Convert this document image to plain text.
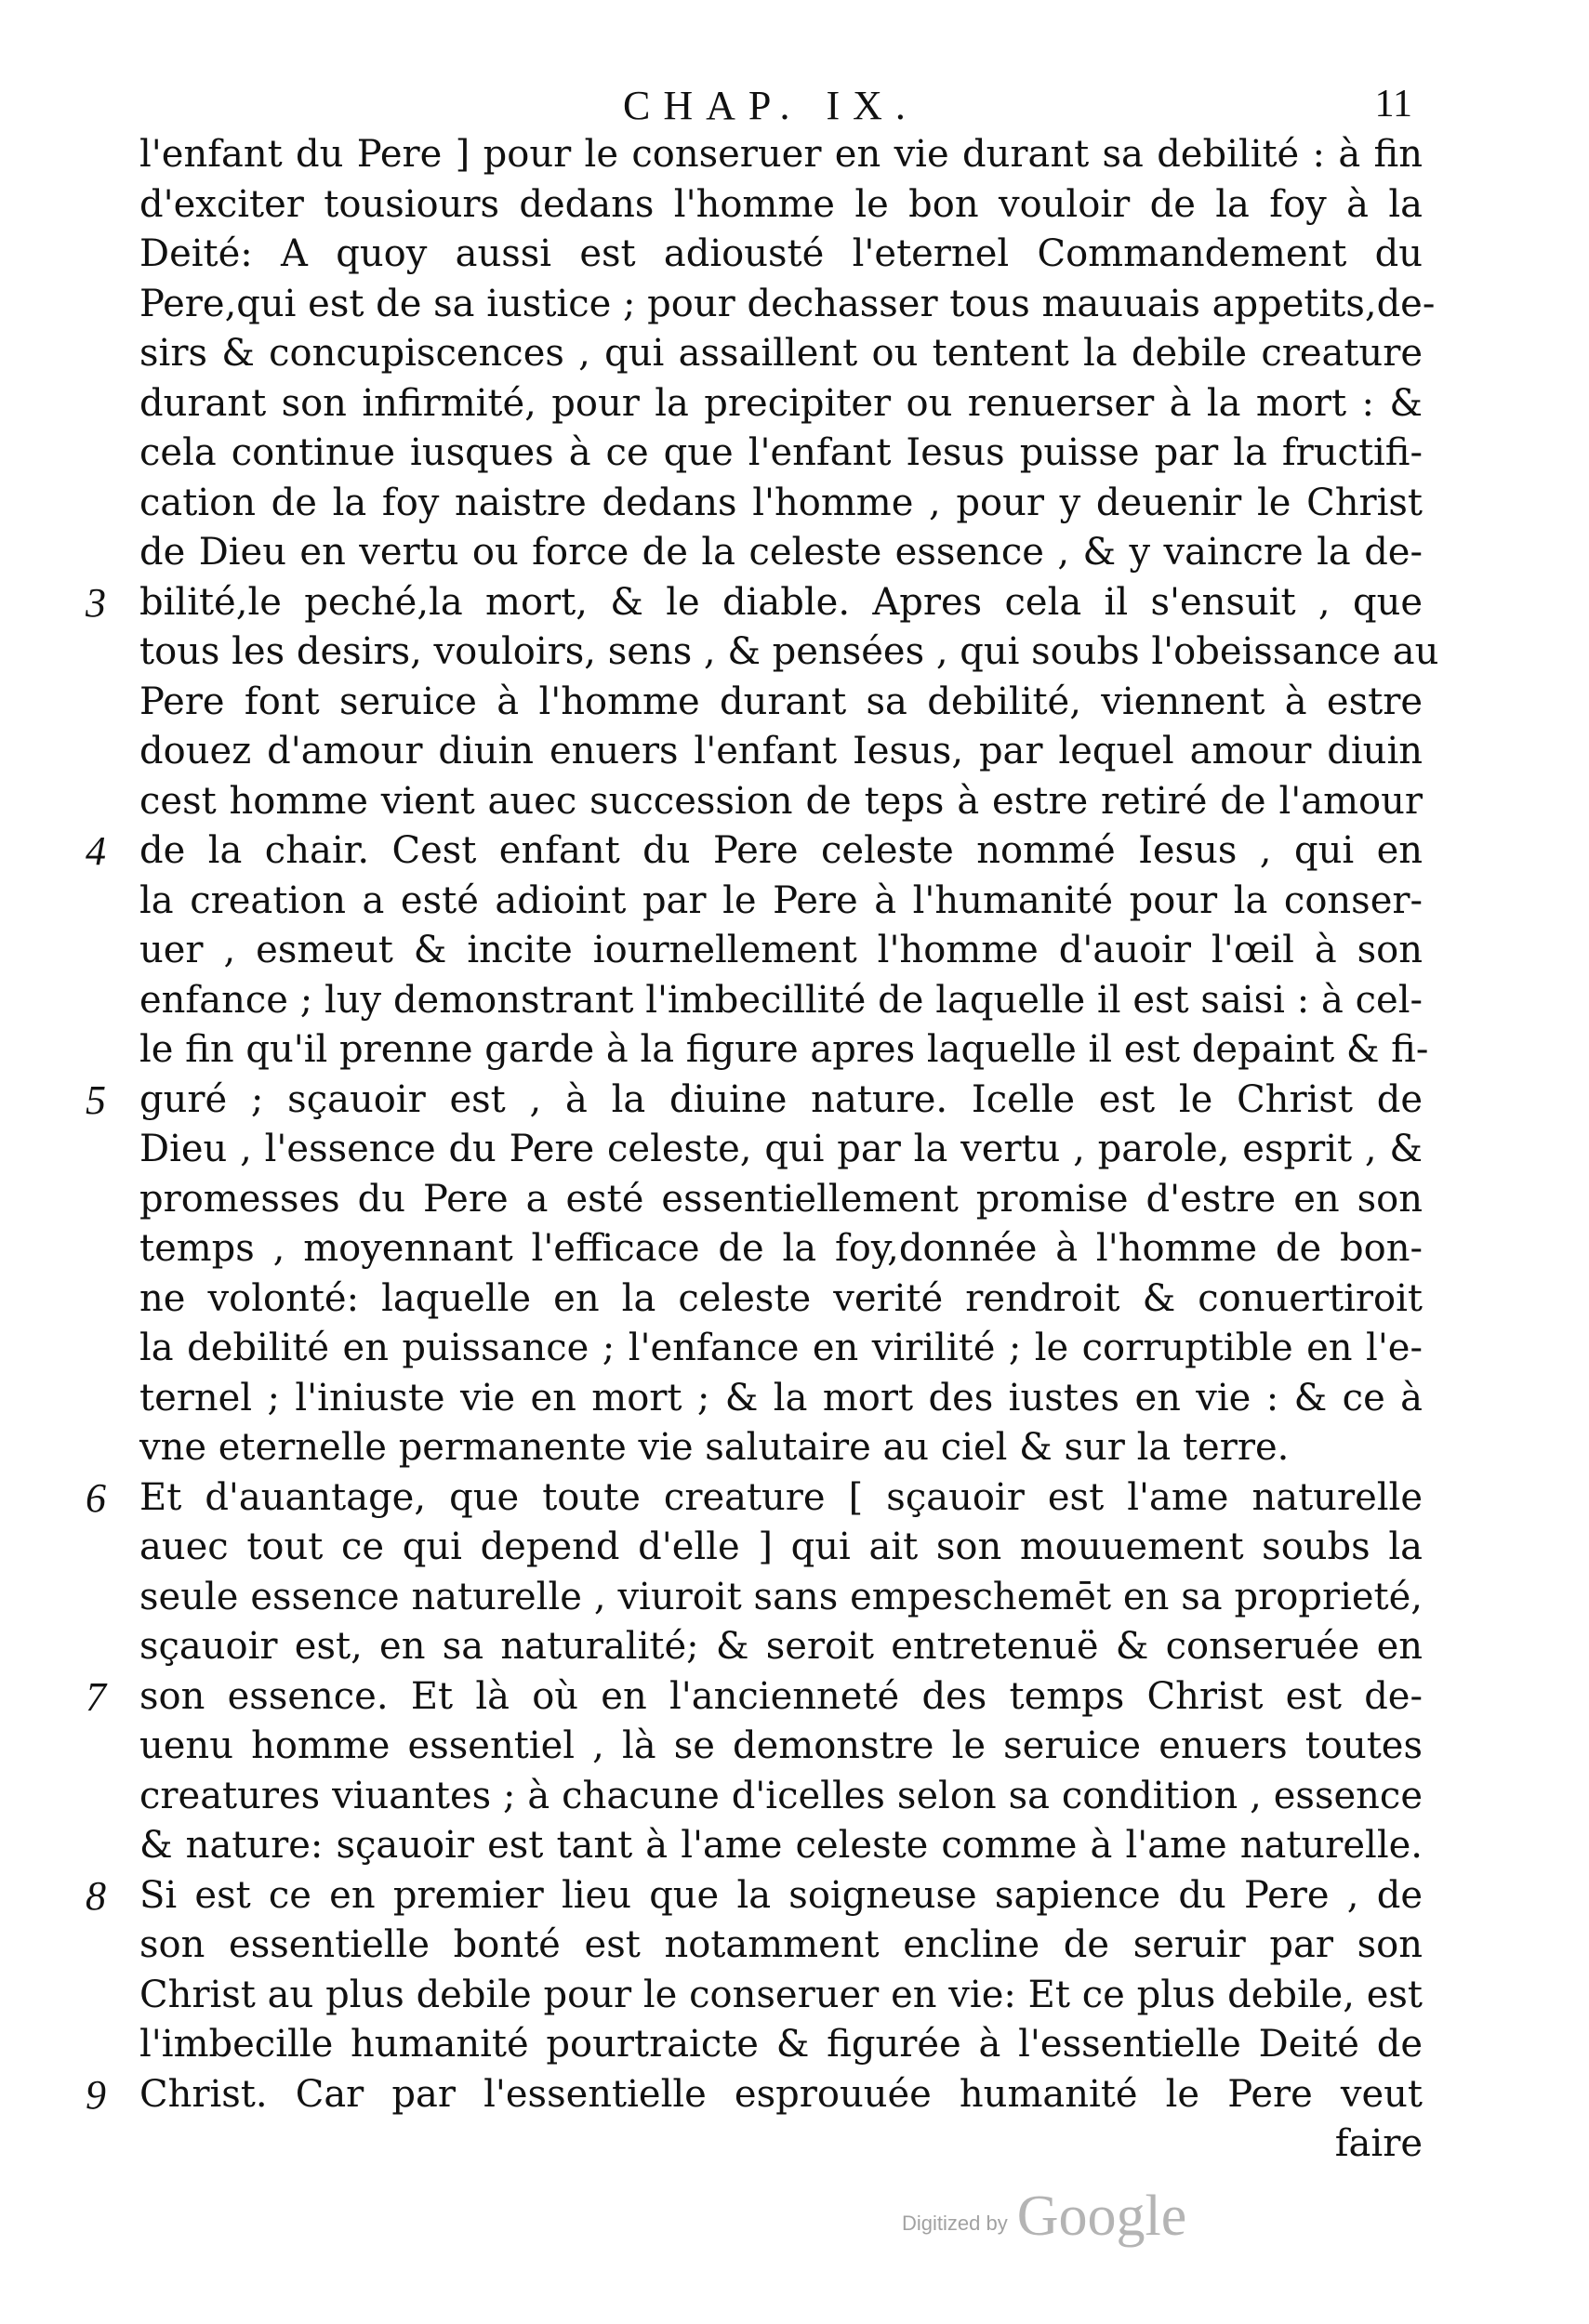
CHAP. IX.	11
l'enfant du Pere ] pour le conseruer en vie durant sa debilité : à fin
d'exciter tousiours dedans l'homme le bon vouloir de la foy à la
Deité: A quoy aussi est adiousté l'eternel Commandement du
Pere,qui est de sa iustice ; pour dechasser tous mauuais appetits,de-
sirs & concupiscences , qui assaillent ou tentent la debile creature
durant son infirmité, pour la precipiter ou renuerser à la mort : &
cela continue iusques à ce que l'enfant Iesus puisse par la fructifi-
cation de la foy naistre dedans l'homme , pour y deuenir le Christ
de Dieu en vertu ou force de la celeste essence , & y vaincre la de-
3 bilité,le peché,la mort, & le diable. Apres cela il s'ensuit , que
tous les desirs, vouloirs, sens , & pensées , qui soubs l'obeissance au
Pere font seruice à l'homme durant sa debilité, viennent à estre
douez d'amour diuin enuers l'enfant Iesus, par lequel amour diuin
cest homme vient auec succession de teps à estre retiré de l'amour
4 de la chair. Cest enfant du Pere celeste nommé Iesus , qui en
la creation a esté adioint par le Pere à l'humanité pour la conser-
uer , esmeut & incite iournellement l'homme d'auoir l'œil à son
enfance ; luy demonstrant l'imbecillité de laquelle il est saisi : à cel-
le fin qu'il prenne garde à la figure apres laquelle il est depaint & fi-
5 guré ; sçauoir est , à la diuine nature. Icelle est le Christ de
Dieu , l'essence du Pere celeste, qui par la vertu , parole, esprit , &
promesses du Pere a esté essentiellement promise d'estre en son
temps , moyennant l'efficace de la foy,donnée à l'homme de bon-
ne volonté: laquelle en la celeste verité rendroit & conuertiroit
la debilité en puissance ; l'enfance en virilité ; le corruptible en l'e-
ternel ; l'iniuste vie en mort ; & la mort des iustes en vie : & ce à
vne eternelle permanente vie salutaire au ciel & sur la terre.
6 Et d'auantage, que toute creature [ sçauoir est l'ame naturelle
auec tout ce qui depend d'elle ] qui ait son mouuement soubs la
seule essence naturelle , viuroit sans empeschemēt en sa proprieté,
sçauoir est, en sa naturalité; & seroit entretenuë & conseruée en
7 son essence. Et là où en l'ancienneté des temps Christ est de-
uenu homme essentiel , là se demonstre le seruice enuers toutes
creatures viuantes ; à chacune d'icelles selon sa condition , essence
& nature: sçauoir est tant à l'ame celeste comme à l'ame naturelle.
8 Si est ce en premier lieu que la soigneuse sapience du Pere , de
son essentielle bonté est notamment encline de seruir par son
Christ au plus debile pour le conseruer en vie: Et ce plus debile, est
l'imbecille humanité pourtraicte & figurée à l'essentielle Deité de
9 Christ. Car par l'essentielle esprouuée humanité le Pere veut
faire
Digitized by Google
